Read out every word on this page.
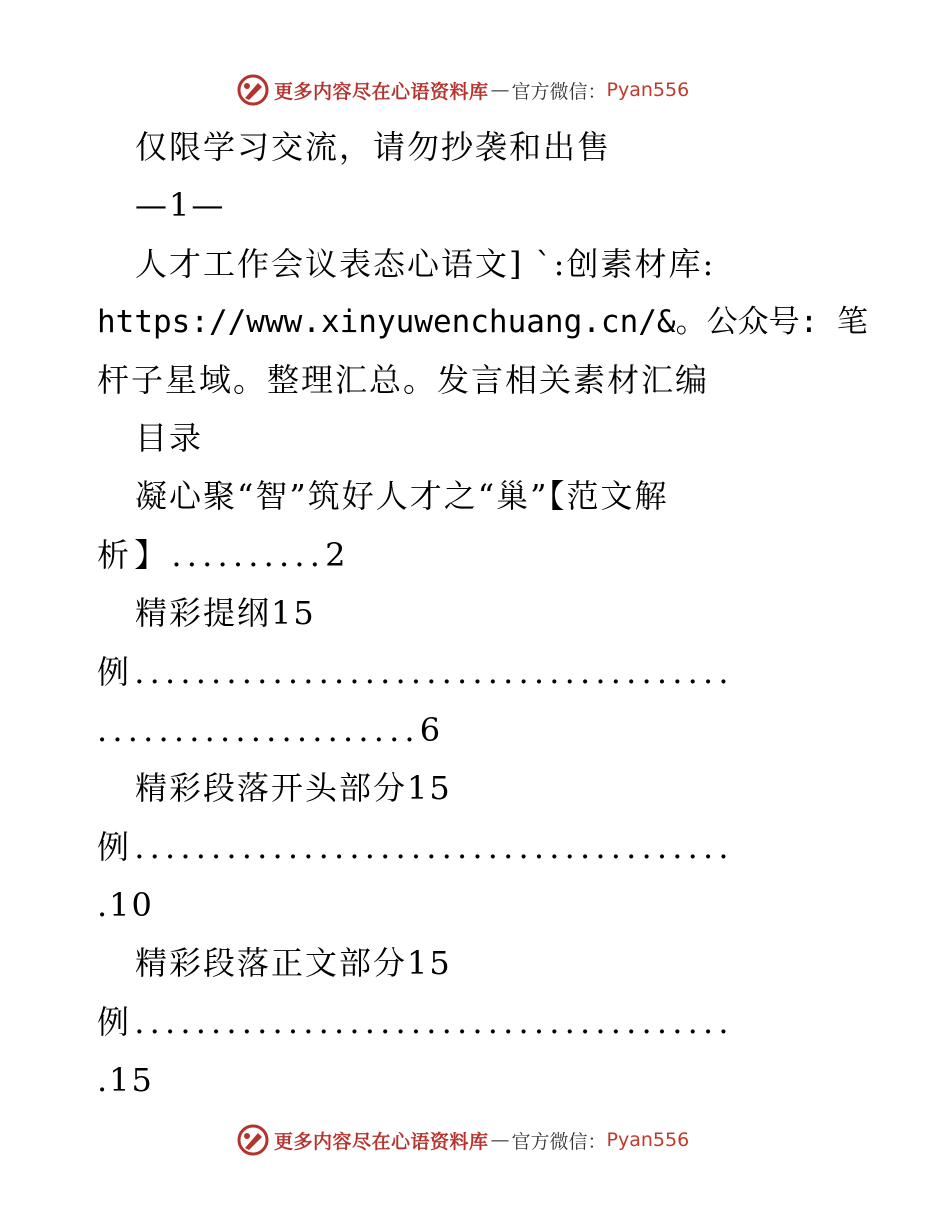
更多内容尽在心语资料库 — 官方微信： Pyan556
仅限学习交流，请勿抄袭和出售
—1—
人才工作会议表态心语文] `:创素材库:
https://www.xinyuwenchuang.cn/&。公众号: 笔
杆子星域。整理汇总。发言相关素材汇编
目录
凝心聚“智”筑好人才之“巢”【范文解
析】..........2
精彩提纲15
例.......................................
.....................6
精彩段落开头部分15
例.......................................
.10
精彩段落正文部分15
例.......................................
.15
更多内容尽在心语资料库 — 官方微信： Pyan556
